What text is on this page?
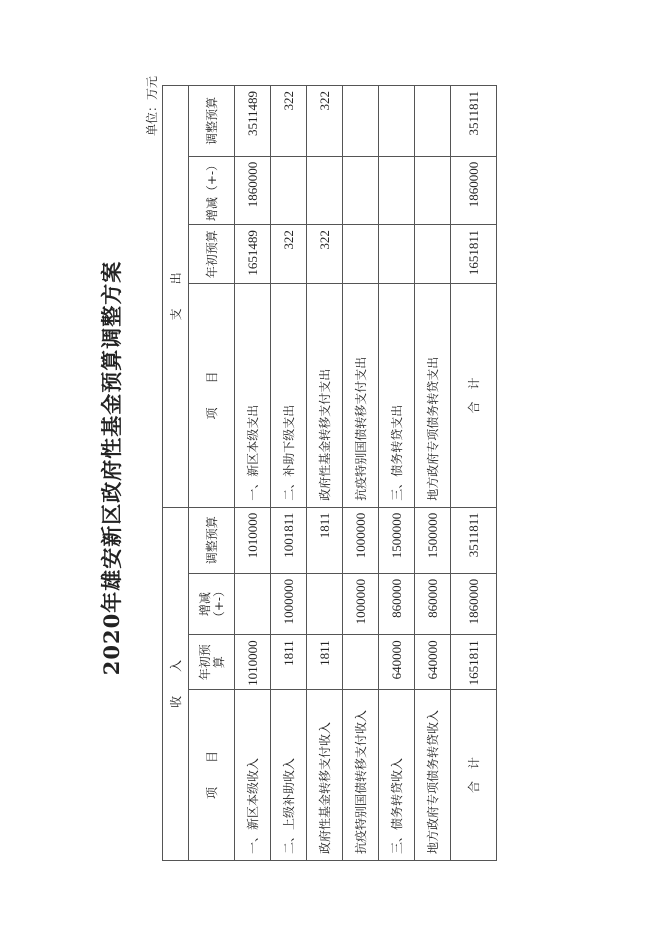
2020年雄安新区政府性基金预算调整方案
单位：万元
收　　入				支　　出			
项　　目	年初预算	增减（+-）	调整预算	项　　目	年初预算	增减（+-）	调整预算
一、新区本级收入	1010000		1010000	一、新区本级支出	1651489	1860000	3511489
二、上级补助收入	1811	1000000	1001811	二、补助下级支出	322		322
政府性基金转移支付收入	1811		1811	政府性基金转移支付支出	322		322
抗疫特别国债转移支付收入		1000000	1000000	抗疫特别国债转移支付支出			
三、债务转贷收入	640000	860000	1500000	三、债务转贷支出			
地方政府专项债务转贷收入	640000	860000	1500000	地方政府专项债务转贷支出			
合　计	1651811	1860000	3511811	合　计	1651811	1860000	3511811
